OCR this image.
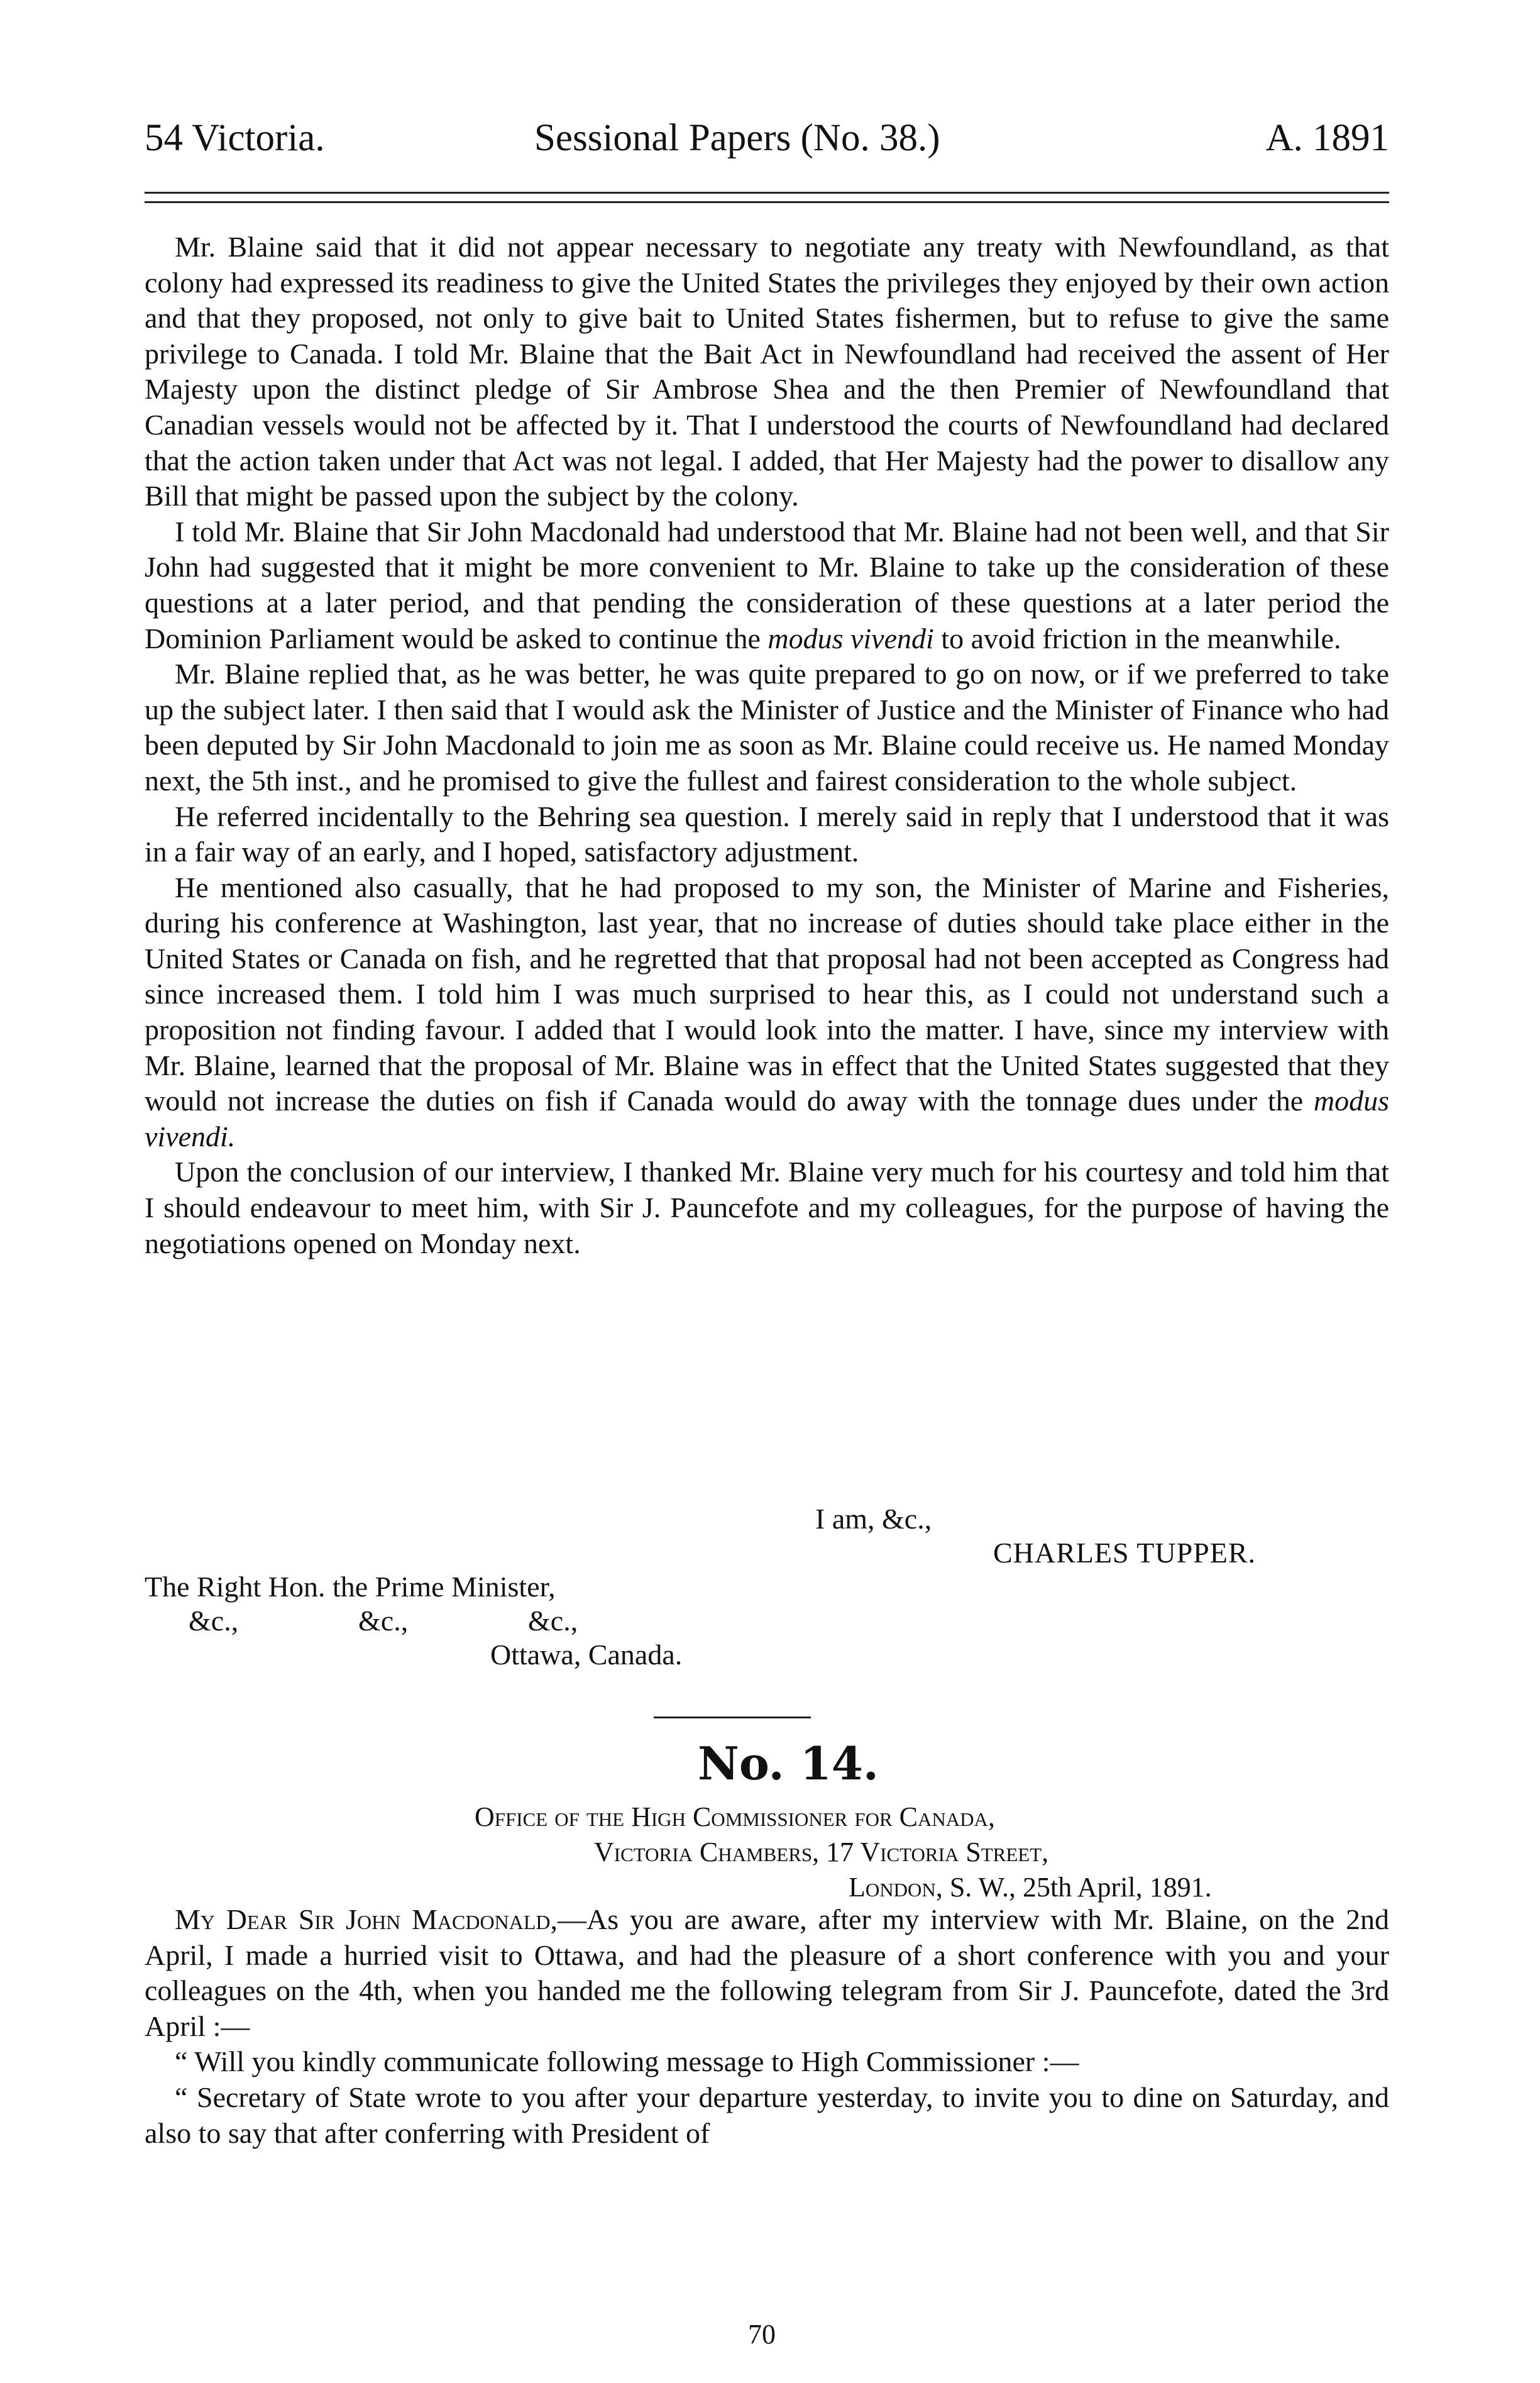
54 Victoria.	Sessional Papers (No. 38.)	A. 1891

Mr. Blaine said that it did not appear necessary to negotiate any treaty with Newfoundland, as that colony had expressed its readiness to give the United States the privileges they enjoyed by their own action and that they proposed, not only to give bait to United States fishermen, but to refuse to give the same privilege to Canada. I told Mr. Blaine that the Bait Act in Newfoundland had received the assent of Her Majesty upon the distinct pledge of Sir Ambrose Shea and the then Premier of Newfoundland that Canadian vessels would not be affected by it. That I understood the courts of Newfoundland had declared that the action taken under that Act was not legal. I added, that Her Majesty had the power to disallow any Bill that might be passed upon the subject by the colony.

I told Mr. Blaine that Sir John Macdonald had understood that Mr. Blaine had not been well, and that Sir John had suggested that it might be more convenient to Mr. Blaine to take up the consideration of these questions at a later period, and that pending the consideration of these questions at a later period the Dominion Parliament would be asked to continue the modus vivendi to avoid friction in the meanwhile.

Mr. Blaine replied that, as he was better, he was quite prepared to go on now, or if we preferred to take up the subject later. I then said that I would ask the Minister of Justice and the Minister of Finance who had been deputed by Sir John Macdonald to join me as soon as Mr. Blaine could receive us. He named Monday next, the 5th inst., and he promised to give the fullest and fairest consideration to the whole subject.

He referred incidentally to the Behring sea question. I merely said in reply that I understood that it was in a fair way of an early, and I hoped, satisfactory adjustment.

He mentioned also casually, that he had proposed to my son, the Minister of Marine and Fisheries, during his conference at Washington, last year, that no increase of duties should take place either in the United States or Canada on fish, and he regretted that that proposal had not been accepted as Congress had since increased them. I told him I was much surprised to hear this, as I could not understand such a proposition not finding favour. I added that I would look into the matter. I have, since my interview with Mr. Blaine, learned that the proposal of Mr. Blaine was in effect that the United States suggested that they would not increase the duties on fish if Canada would do away with the tonnage dues under the modus vivendi.

Upon the conclusion of our interview, I thanked Mr. Blaine very much for his courtesy and told him that I should endeavour to meet him, with Sir J. Pauncefote and my colleagues, for the purpose of having the negotiations opened on Monday next.

I am, &c.,
CHARLES TUPPER.
The Right Hon. the Prime Minister,
&c.,	&c.,	&c.,
Ottawa, Canada.
No. 14.
Office of the High Commissioner for Canada,
Victoria Chambers, 17 Victoria Street,
London, S. W., 25th April, 1891.

My Dear Sir John Macdonald,—As you are aware, after my interview with Mr. Blaine, on the 2nd April, I made a hurried visit to Ottawa, and had the pleasure of a short conference with you and your colleagues on the 4th, when you handed me the following telegram from Sir J. Pauncefote, dated the 3rd April :—

“ Will you kindly communicate following message to High Commissioner :—

“ Secretary of State wrote to you after your departure yesterday, to invite you to dine on Saturday, and also to say that after conferring with President of

70
